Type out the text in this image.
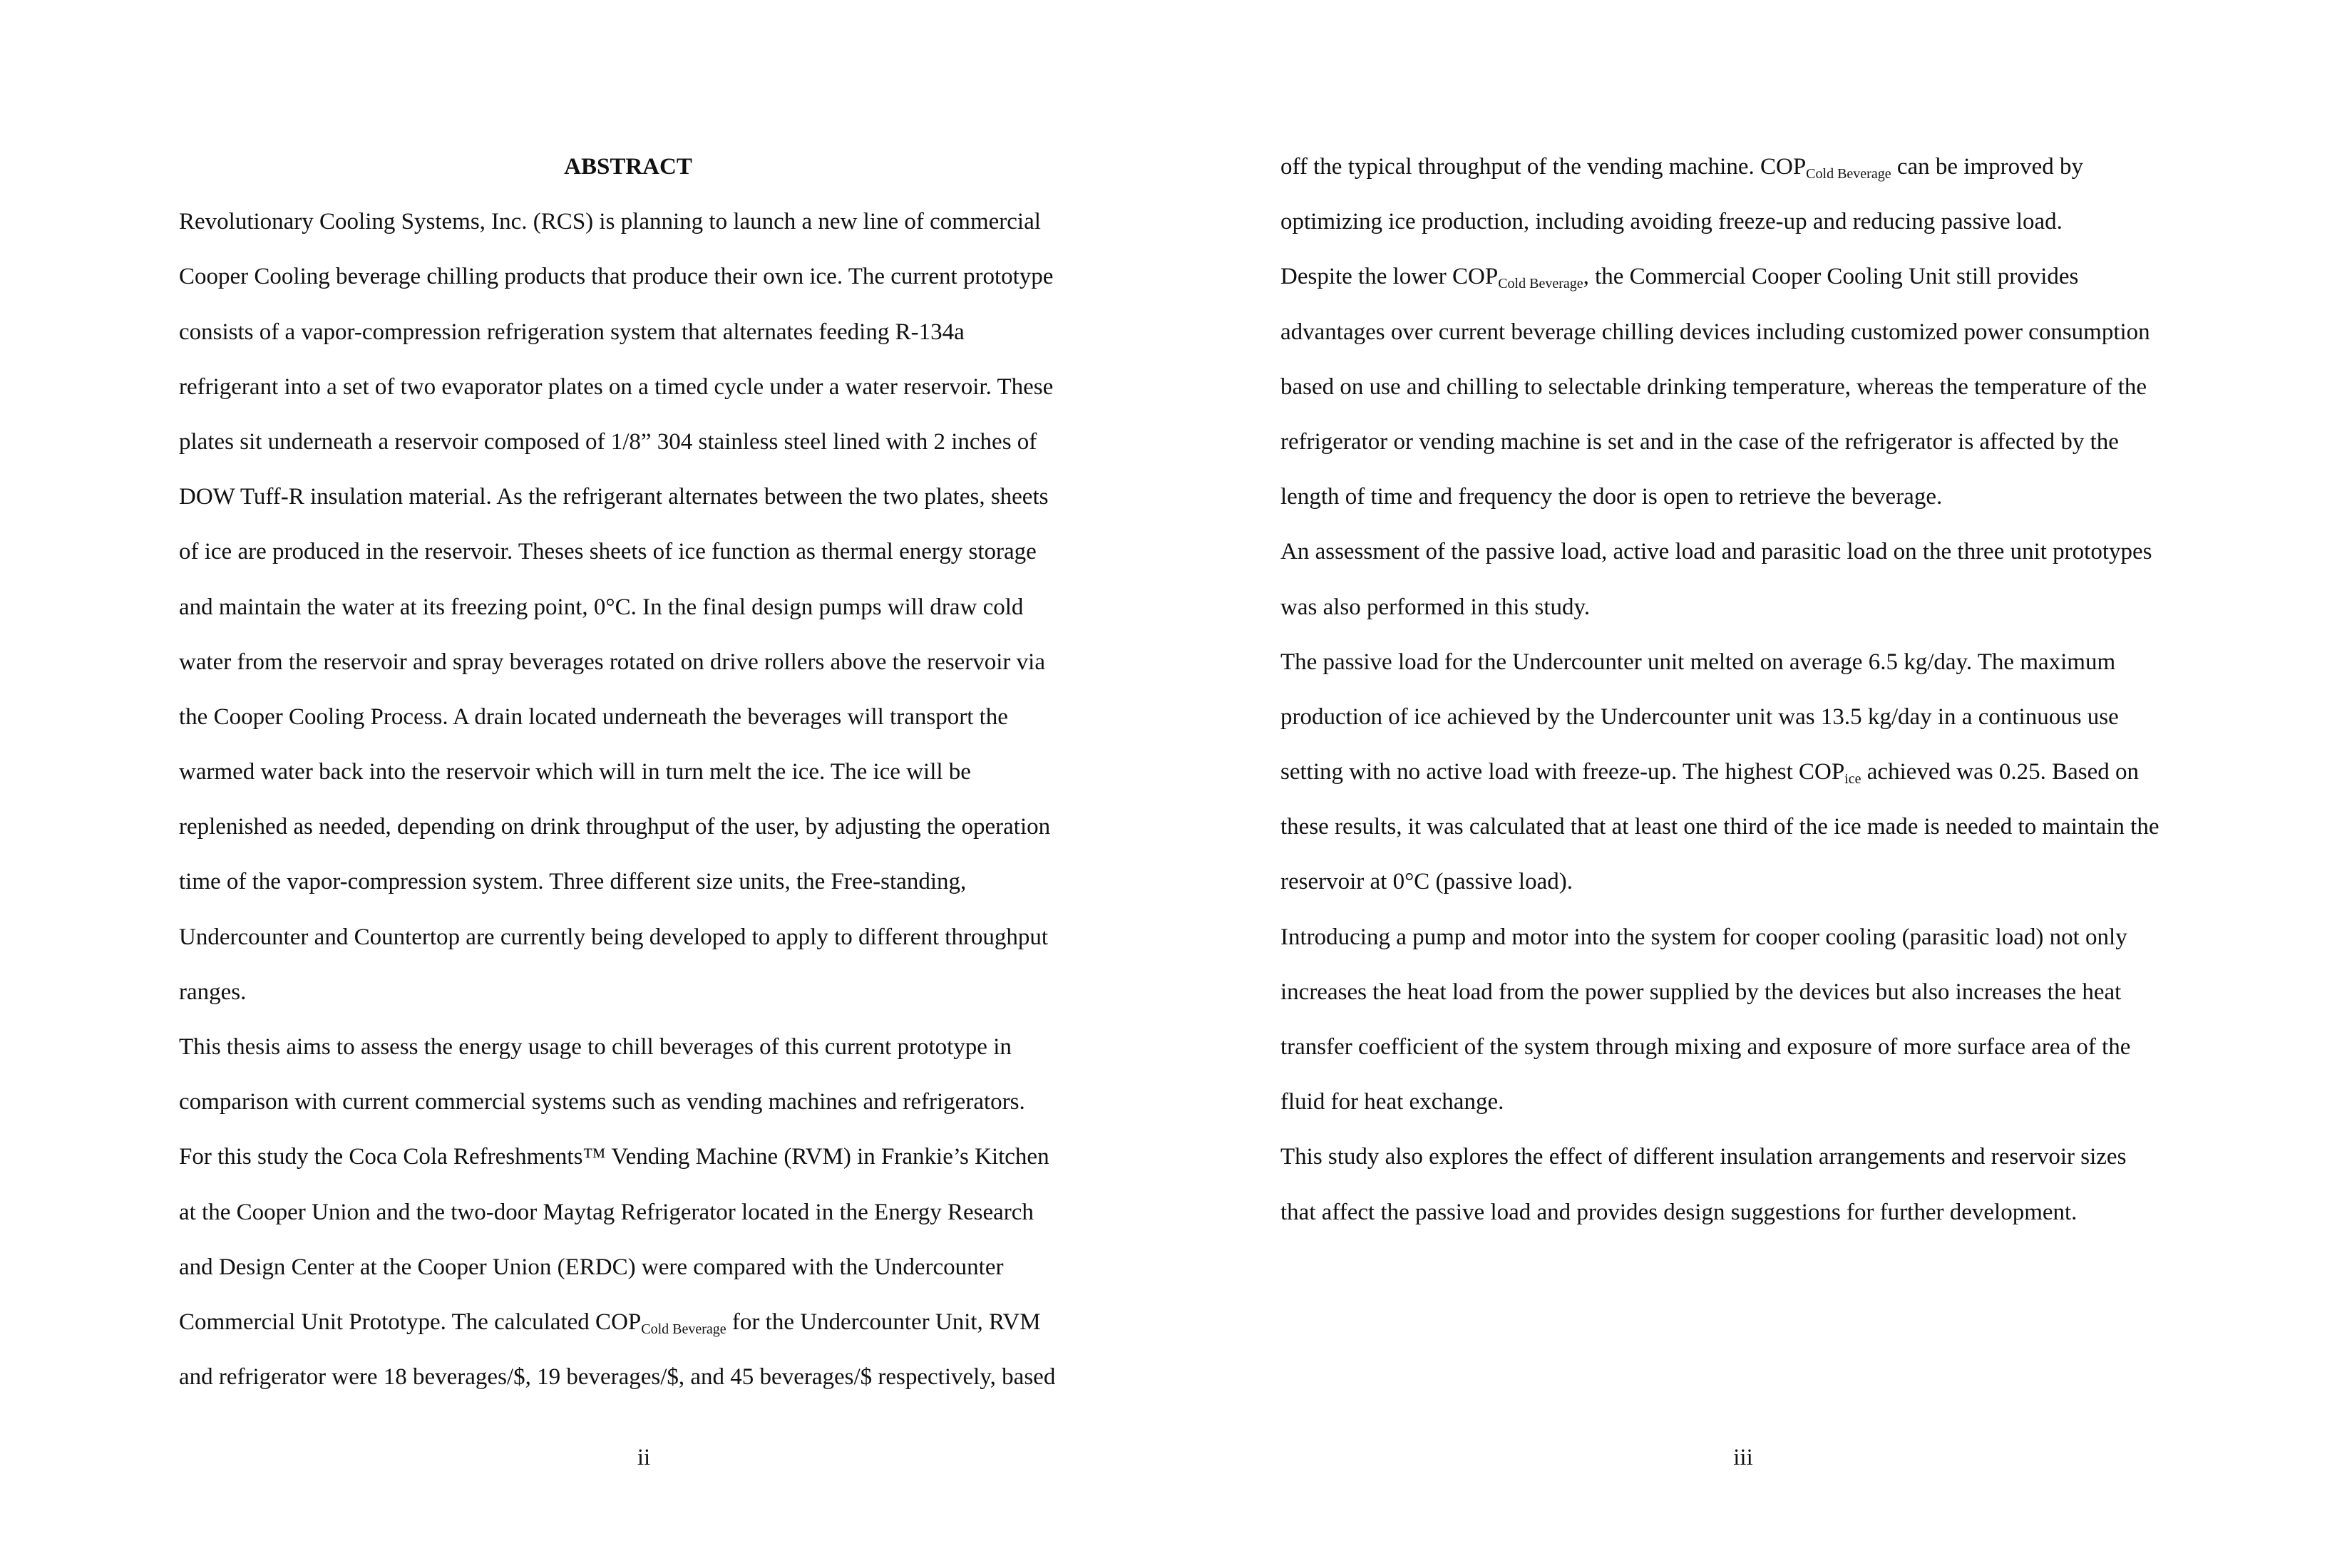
ABSTRACT
Revolutionary Cooling Systems, Inc. (RCS) is planning to launch a new line of commercial
Cooper Cooling beverage chilling products that produce their own ice. The current prototype
consists of a vapor-compression refrigeration system that alternates feeding R-134a
refrigerant into a set of two evaporator plates on a timed cycle under a water reservoir. These
plates sit underneath a reservoir composed of 1/8” 304 stainless steel lined with 2 inches of
DOW Tuff-R insulation material. As the refrigerant alternates between the two plates, sheets
of ice are produced in the reservoir. Theses sheets of ice function as thermal energy storage
and maintain the water at its freezing point, 0°C. In the final design pumps will draw cold
water from the reservoir and spray beverages rotated on drive rollers above the reservoir via
the Cooper Cooling Process. A drain located underneath the beverages will transport the
warmed water back into the reservoir which will in turn melt the ice. The ice will be
replenished as needed, depending on drink throughput of the user, by adjusting the operation
time of the vapor-compression system. Three different size units, the Free-standing,
Undercounter and Countertop are currently being developed to apply to different throughput
ranges.
This thesis aims to assess the energy usage to chill beverages of this current prototype in
comparison with current commercial systems such as vending machines and refrigerators.
For this study the Coca Cola Refreshments™ Vending Machine (RVM) in Frankie’s Kitchen
at the Cooper Union and the two-door Maytag Refrigerator located in the Energy Research
and Design Center at the Cooper Union (ERDC) were compared with the Undercounter
Commercial Unit Prototype. The calculated $COP_{Cold Beverage}$ for the Undercounter Unit, RVM
and refrigerator were 18 beverages/$, 19 beverages/$, and 45 beverages/$ respectively, based
ii
off the typical throughput of the vending machine. $COP_{Cold Beverage}$ can be improved by
optimizing ice production, including avoiding freeze-up and reducing passive load.
Despite the lower $COP_{Cold Beverage}$, the Commercial Cooper Cooling Unit still provides
advantages over current beverage chilling devices including customized power consumption
based on use and chilling to selectable drinking temperature, whereas the temperature of the
refrigerator or vending machine is set and in the case of the refrigerator is affected by the
length of time and frequency the door is open to retrieve the beverage.
An assessment of the passive load, active load and parasitic load on the three unit prototypes
was also performed in this study.
The passive load for the Undercounter unit melted on average 6.5 kg/day. The maximum
production of ice achieved by the Undercounter unit was 13.5 kg/day in a continuous use
setting with no active load with freeze-up. The highest $COP_{ice}$ achieved was 0.25. Based on
these results, it was calculated that at least one third of the ice made is needed to maintain the
reservoir at 0°C (passive load).
Introducing a pump and motor into the system for cooper cooling (parasitic load) not only
increases the heat load from the power supplied by the devices but also increases the heat
transfer coefficient of the system through mixing and exposure of more surface area of the
fluid for heat exchange.
This study also explores the effect of different insulation arrangements and reservoir sizes
that affect the passive load and provides design suggestions for further development.
iii
